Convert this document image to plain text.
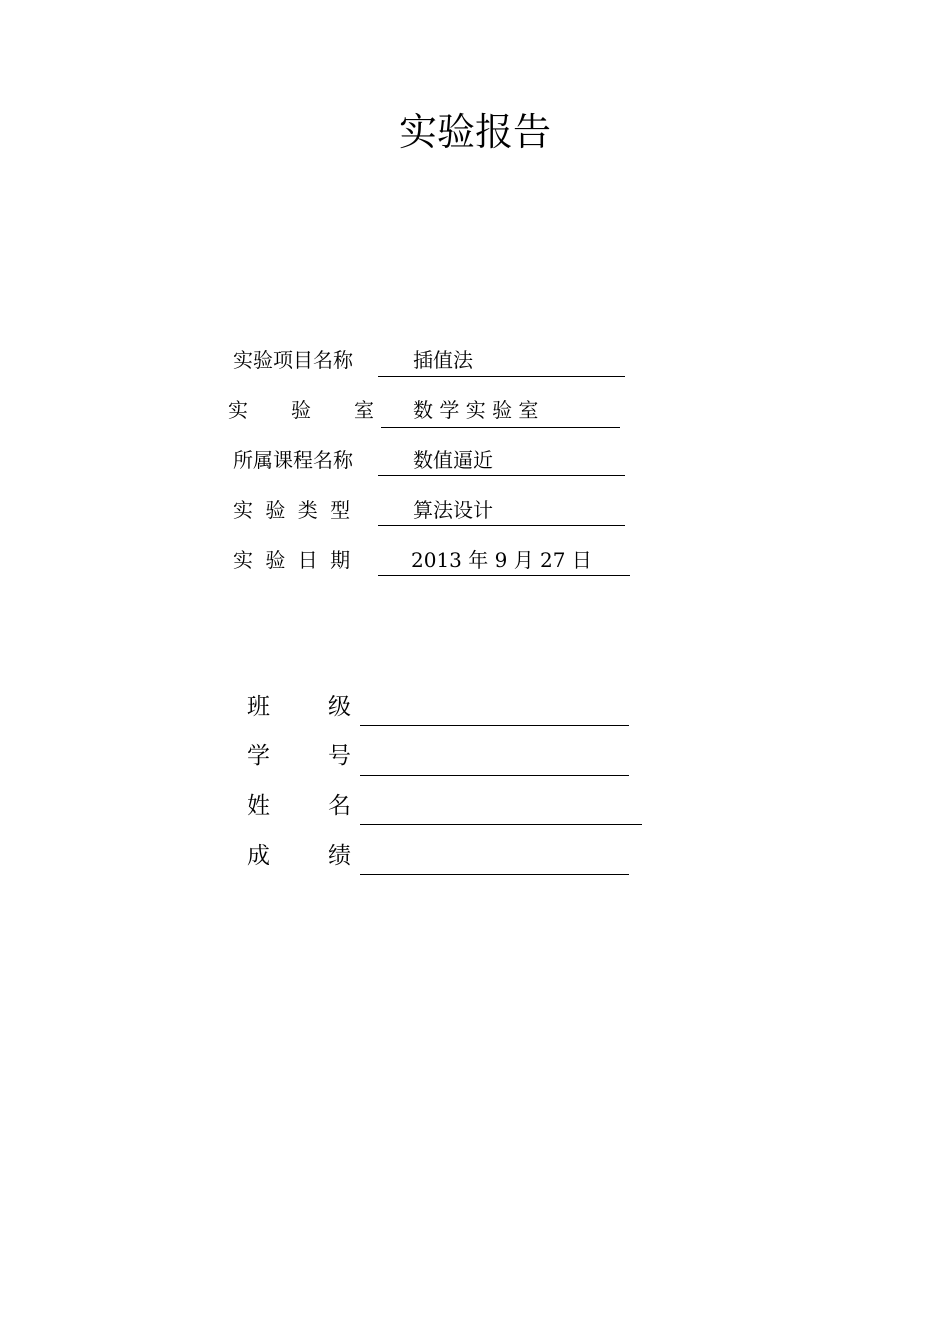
实验报告
实验项目名称	插值法
实　　验　　室 数 学 实 验 室
所属课程名称	数值逼近
实 验 类 型	算法设计
实 验 日 期	2013 年 9 月 27 日
班　　级
学　　号
姓　　名
成　　绩
